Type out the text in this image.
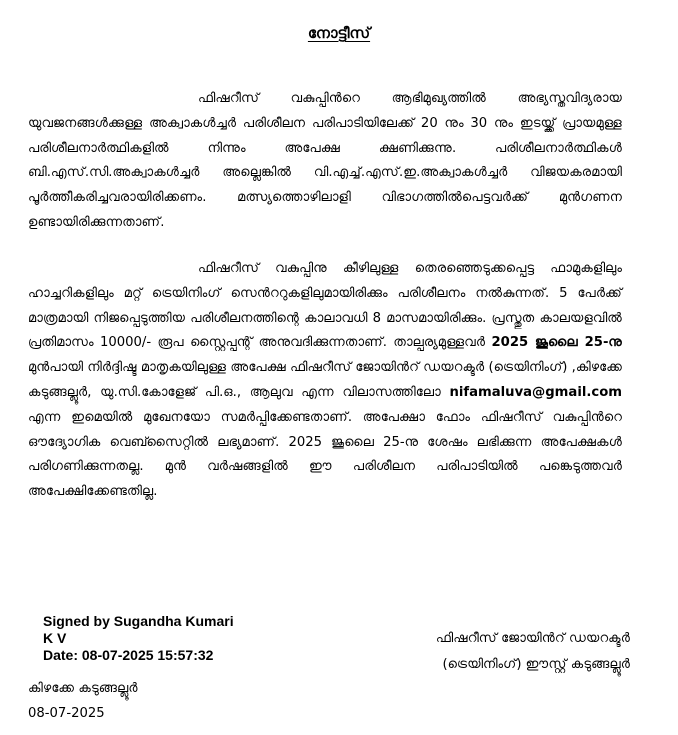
നോട്ടീസ്

ഫിഷറീസ് വകുപ്പിൻറെ ആഭിമുഖ്യത്തിൽ അഭ്യസ്തവിദ്യരായ യുവജനങ്ങൾക്കുള്ള അക്വാകൾച്ചർ പരിശീലന പരിപാടിയിലേക്ക് 20 നും 30 നും ഇടയ്ക്ക് പ്രായമുള്ള പരിശീലനാർത്ഥികളിൽ നിന്നും അപേക്ഷ ക്ഷണിക്കുന്നു. പരിശീലനാർത്ഥികൾ ബി.എസ്.സി.അക്വാകൾച്ചർ അല്ലെങ്കിൽ വി.എച്ച്.എസ്.ഇ.അക്വാകൾച്ചർ വിജയകരമായി പൂർത്തീകരിച്ചവരായിരിക്കണം. മത്സ്യത്തൊഴിലാളി വിഭാഗത്തിൽപെട്ടവർക്ക് മുൻഗണന ഉണ്ടായിരിക്കുന്നതാണ്.

ഫിഷറീസ് വകുപ്പിനു കീഴിലുള്ള തെരഞ്ഞെടുക്കപ്പെട്ട ഫാമുകളിലും ഹാച്ചറികളിലും മറ്റ് ട്രെയിനിംഗ് സെൻററുകളിലുമായിരിക്കും പരിശീലനം നൽകുന്നത്. 5 പേർക്ക് മാത്രമായി നിജപ്പെടുത്തിയ പരിശീലനത്തിന്റെ കാലാവധി 8 മാസമായിരിക്കും. പ്രസ്തുത കാലയളവിൽ പ്രതിമാസം 10000/- രൂപ സ്റ്റൈപ്പന്റ് അനുവദിക്കുന്നതാണ്. താല്പര്യമുള്ളവർ 2025 ജൂലൈ 25-നു മുൻപായി നിർദ്ദിഷ്ട മാതൃകയിലുള്ള അപേക്ഷ ഫിഷറീസ് ജോയിൻറ് ഡയറക്ടർ (ട്രെയിനിംഗ്) ,കിഴക്കേ കടുങ്ങല്ലൂർ, യു.സി.കോളേജ് പി.ഒ., ആലുവ എന്ന വിലാസത്തിലോ nifamaluva@gmail.com എന്ന ഇമെയിൽ മുഖേനയോ സമർപ്പിക്കേണ്ടതാണ്. അപേക്ഷാ ഫോം ഫിഷറീസ് വകുപ്പിൻറെ ഔദ്യോഗിക വെബ്സൈറ്റിൽ ലഭ്യമാണ്. 2025 ജൂലൈ 25-നു ശേഷം ലഭിക്കുന്ന അപേക്ഷകൾ പരിഗണിക്കുന്നതല്ല. മുൻ വർഷങ്ങളിൽ ഈ പരിശീലന പരിപാടിയിൽ പങ്കെടുത്തവർ അപേക്ഷിക്കേണ്ടതില്ല.

Signed by Sugandha Kumari
K V
Date: 08-07-2025 15:57:32
ഫിഷറീസ് ജോയിൻറ് ഡയറക്ടർ
(ട്രെയിനിംഗ്) ഈസ്റ്റ് കടുങ്ങല്ലൂർ
കിഴക്കേ കടുങ്ങല്ലൂർ
08-07-2025
